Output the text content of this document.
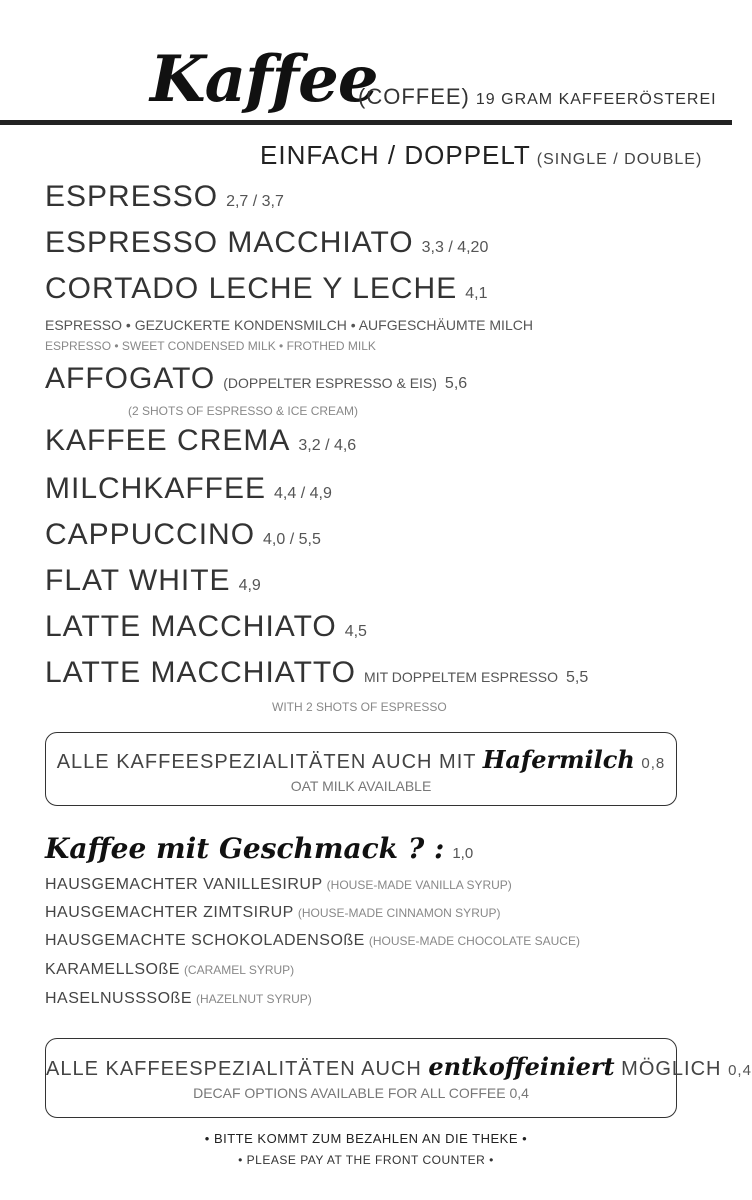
Kaffee
(COFFEE) 19 GRAM KAFFEERÖSTEREI
EINFACH / DOPPELT (SINGLE / DOUBLE)
ESPRESSO 2,7 / 3,7
ESPRESSO MACCHIATO 3,3 / 4,20
CORTADO LECHE Y LECHE 4,1
ESPRESSO • GEZUCKERTE KONDENSMILCH • AUFGESCHÄUMTE MILCH
ESPRESSO • SWEET CONDENSED MILK • FROTHED MILK
AFFOGATO (DOPPELTER ESPRESSO & EIS) 5,6
(2 SHOTS OF ESPRESSO & ICE CREAM)
KAFFEE CREMA 3,2 / 4,6
MILCHKAFFEE 4,4 / 4,9
CAPPUCCINO 4,0 / 5,5
FLAT WHITE 4,9
LATTE MACCHIATO 4,5
LATTE MACCHIATTO MIT DOPPELTEM ESPRESSO 5,5
WITH 2 SHOTS OF ESPRESSO
ALLE KAFFEESPEZIALITÄTEN AUCH MIT Hafermilch 0,8
OAT MILK AVAILABLE
Kaffee mit Geschmack ? : 1,0
HAUSGEMACHTER VANILLESIRUP (HOUSE-MADE VANILLA SYRUP)
HAUSGEMACHTER ZIMTSIRUP (HOUSE-MADE CINNAMON SYRUP)
HAUSGEMACHTE SCHOKOLADENSOßE (HOUSE-MADE CHOCOLATE SAUCE)
KARAMELLSOßE (CARAMEL SYRUP)
HASELNUSSSOßE (HAZELNUT SYRUP)
ALLE KAFFEESPEZIALITÄTEN AUCH entkoffeiniert MÖGLICH 0,4
DECAF OPTIONS AVAILABLE FOR ALL COFFEE 0,4
• BITTE KOMMT ZUM BEZAHLEN AN DIE THEKE •
• PLEASE PAY AT THE FRONT COUNTER •
